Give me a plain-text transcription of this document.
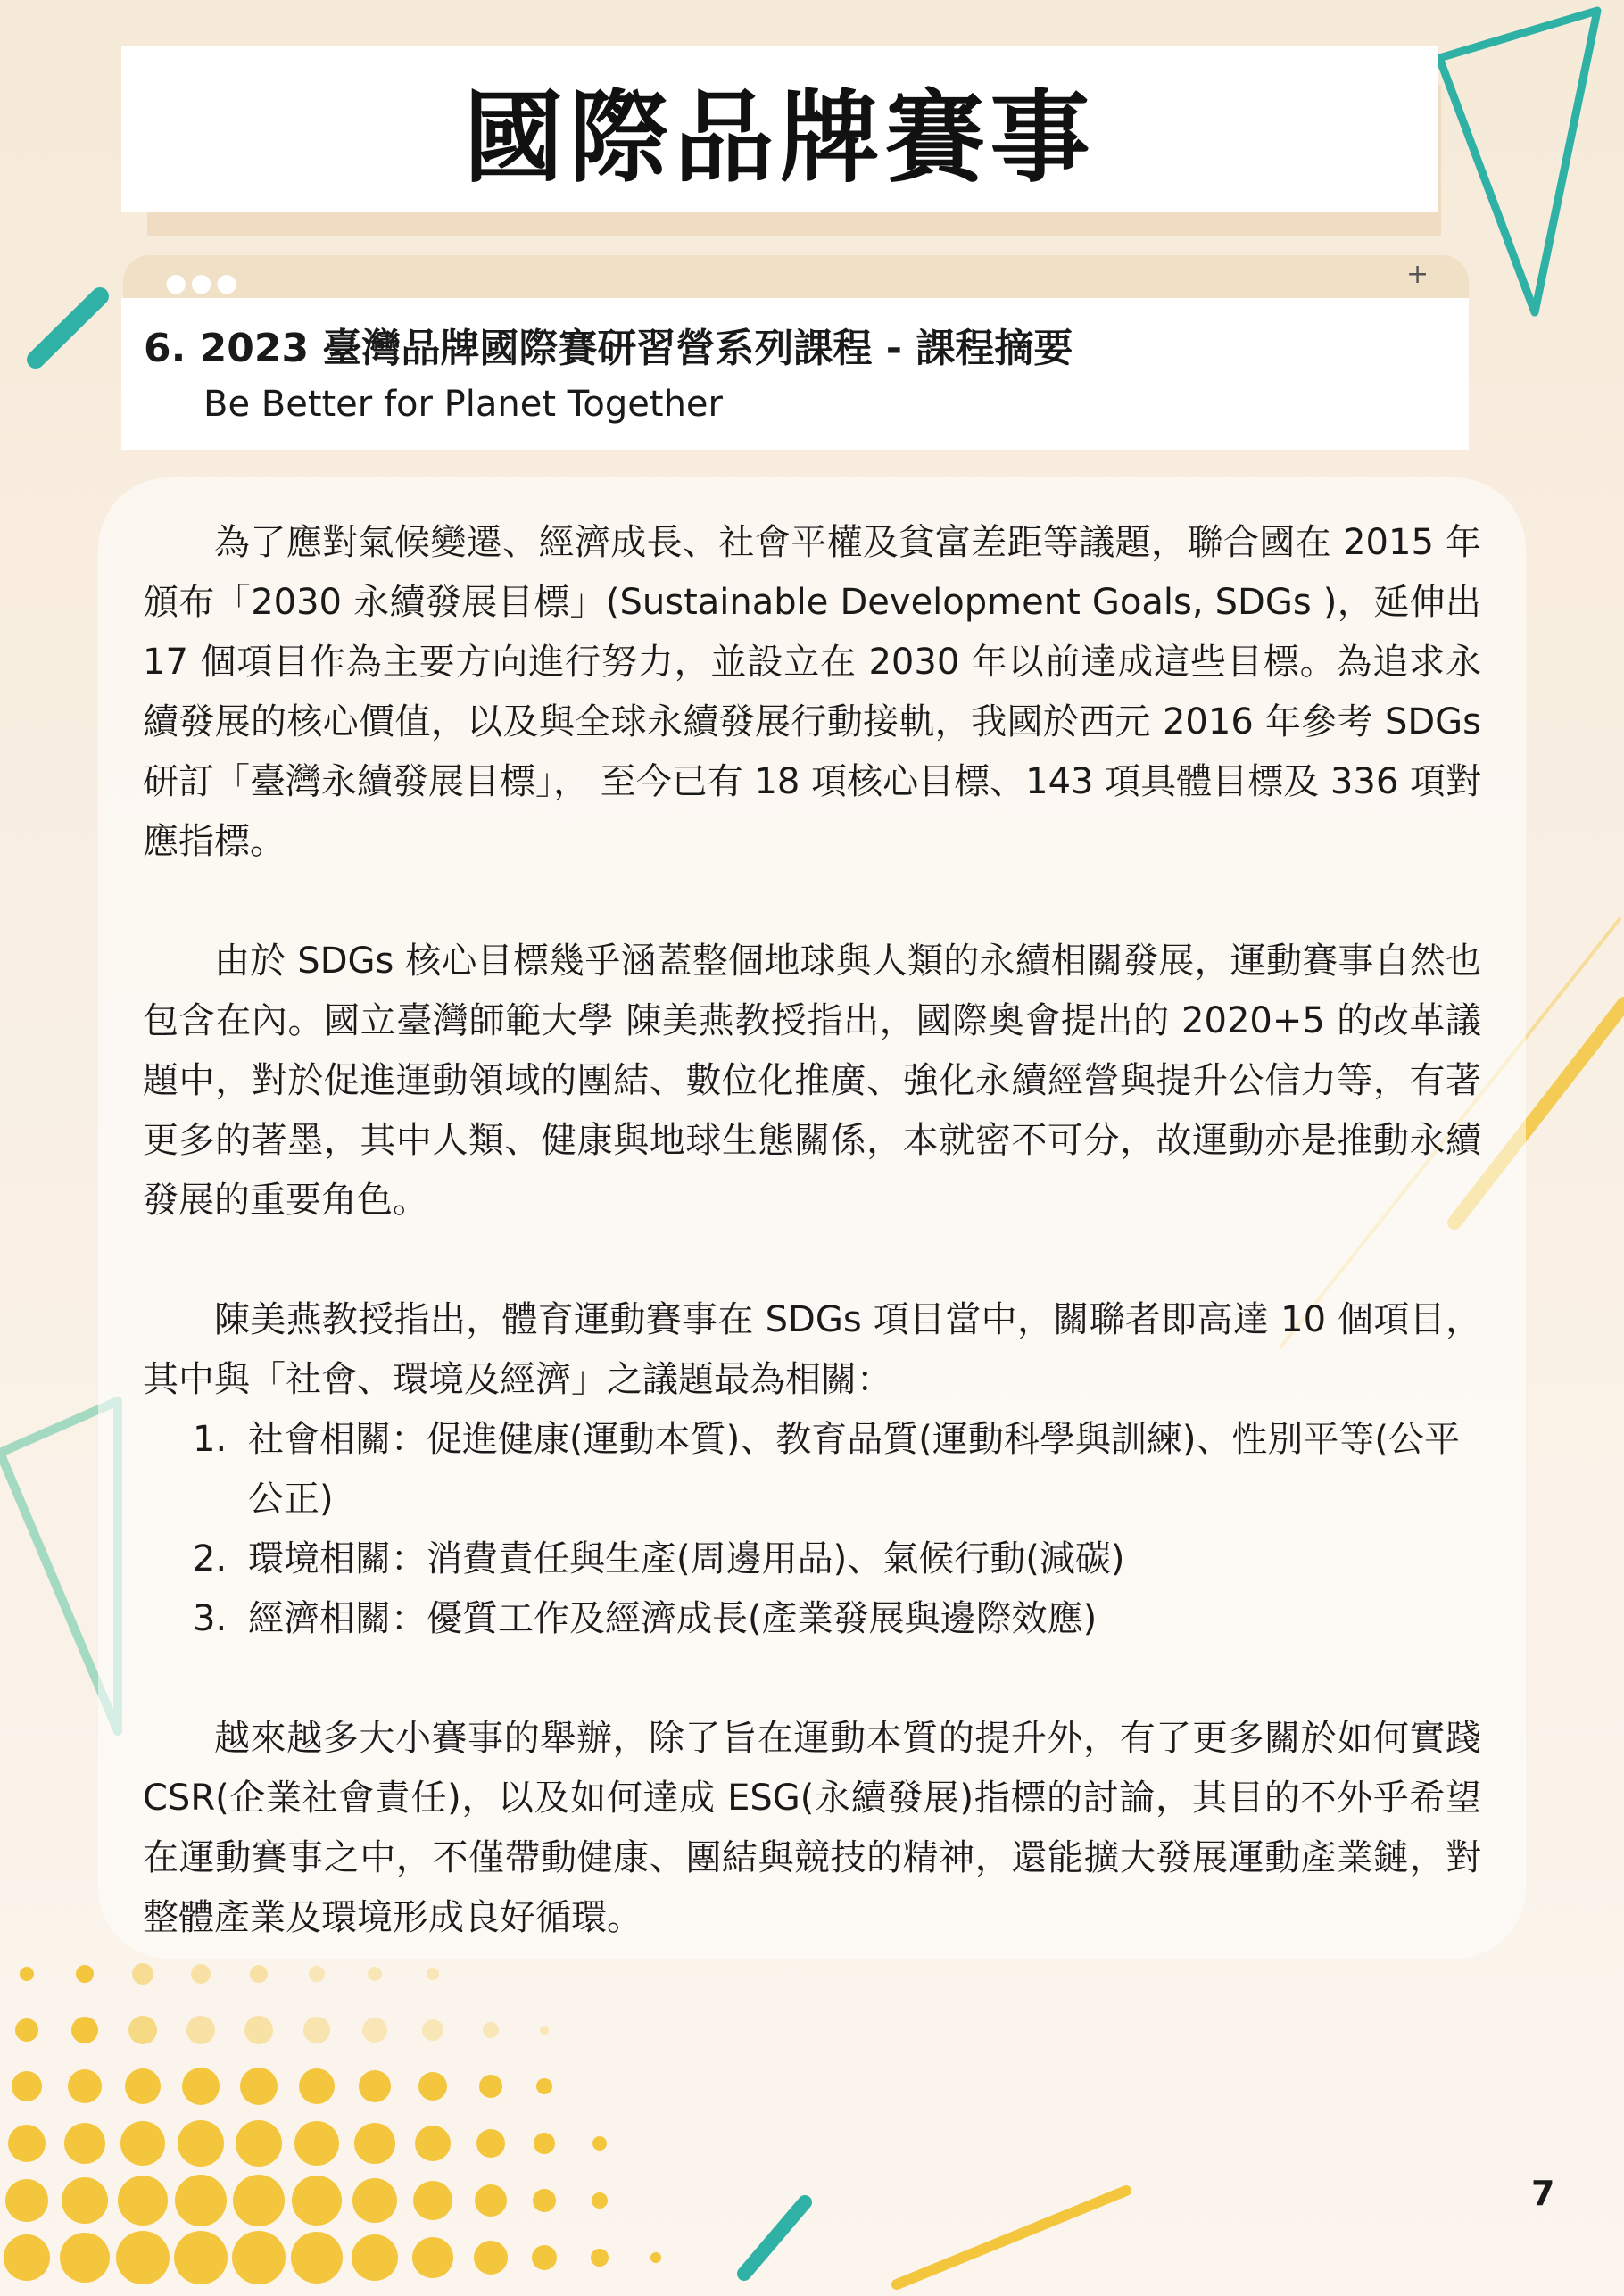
國際品牌賽事
●●●	+
6. 2023 臺灣品牌國際賽研習營系列課程 - 課程摘要

Be Better for Planet Together

為了應對氣候變遷、經濟成長、社會平權及貧富差距等議題，聯合國在 2015 年頒布「2030 永續發展目標」(Sustainable Development Goals, SDGs )，延伸出 17 個項目作為主要方向進行努力，並設立在 2030 年以前達成這些目標。為追求永續發展的核心價值，以及與全球永續發展行動接軌，我國於西元 2016 年參考 SDGs 研訂「臺灣永續發展目標」， 至今已有 18 項核心目標、143 項具體目標及 336 項對應指標。

由於 SDGs 核心目標幾乎涵蓋整個地球與人類的永續相關發展，運動賽事自然也包含在內。國立臺灣師範大學 陳美燕教授指出，國際奧會提出的 2020+5 的改革議題中，對於促進運動領域的團結、數位化推廣、強化永續經營與提升公信力等，有著更多的著墨，其中人類、健康與地球生態關係，本就密不可分，故運動亦是推動永續發展的重要角色。

陳美燕教授指出，體育運動賽事在 SDGs 項目當中，關聯者即高達 10 個項目，其中與「社會、環境及經濟」之議題最為相關：

1. 社會相關：促進健康(運動本質)、教育品質(運動科學與訓練)、性別平等(公平公正)
2. 環境相關：消費責任與生產(周邊用品)、氣候行動(減碳)
3. 經濟相關：優質工作及經濟成長(產業發展與邊際效應)

越來越多大小賽事的舉辦，除了旨在運動本質的提升外，有了更多關於如何實踐 CSR(企業社會責任)，以及如何達成 ESG(永續發展)指標的討論，其目的不外乎希望在運動賽事之中，不僅帶動健康、團結與競技的精神，還能擴大發展運動產業鏈，對整體產業及環境形成良好循環。

7
